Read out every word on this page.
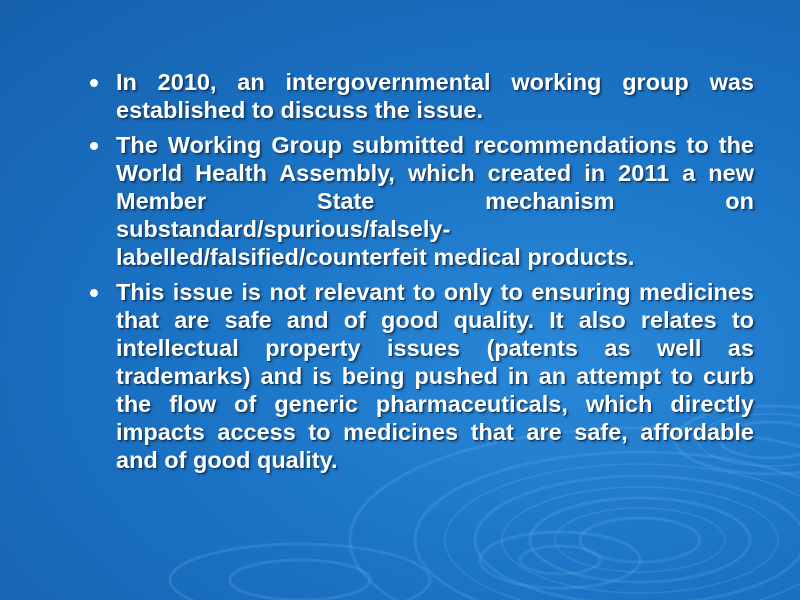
In 2010, an intergovernmental working group was established to discuss the issue.
The Working Group submitted recommendations to the World Health Assembly, which created in 2011 a new Member State mechanism on substandard/spurious/falsely-labelled/falsified/counterfeit medical products.
This issue is not relevant to only to ensuring medicines that are safe and of good quality. It also relates to intellectual property issues (patents as well as trademarks) and is being pushed in an attempt to curb the flow of generic pharmaceuticals, which directly impacts access to medicines that are safe, affordable and of good quality.
